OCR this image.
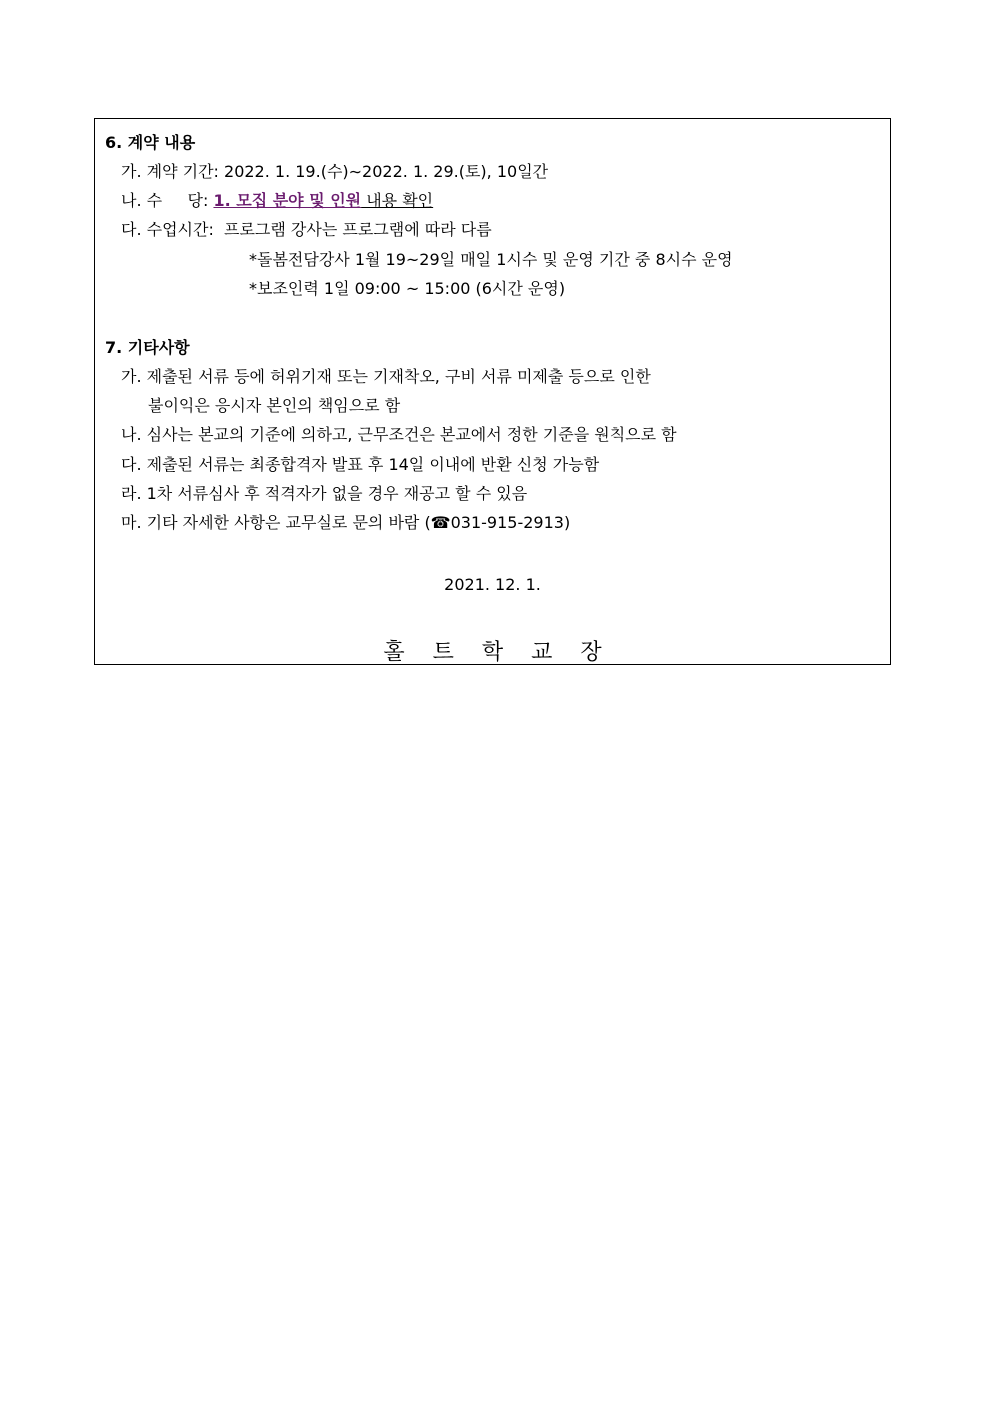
6. 계약 내용
가. 계약 기간: 2022. 1. 19.(수)∼2022. 1. 29.(토), 10일간
나. 수     당: 1. 모집 분야 및 인원 내용 확인
다. 수업시간:  프로그램 강사는 프로그램에 따라 다름
*돌봄전담강사 1월 19~29일 매일 1시수 및 운영 기간 중 8시수 운영
*보조인력 1일 09:00 ~ 15:00 (6시간 운영)
7. 기타사항
가. 제출된 서류 등에 허위기재 또는 기재착오, 구비 서류 미제출 등으로 인한
불이익은 응시자 본인의 책임으로 함
나. 심사는 본교의 기준에 의하고, 근무조건은 본교에서 정한 기준을 원칙으로 함
다. 제출된 서류는 최종합격자 발표 후 14일 이내에 반환 신청 가능함
라. 1차 서류심사 후 적격자가 없을 경우 재공고 할 수 있음
마. 기타 자세한 사항은 교무실로 문의 바람 (☎031-915-2913)
2021. 12. 1.
홀트학교장
